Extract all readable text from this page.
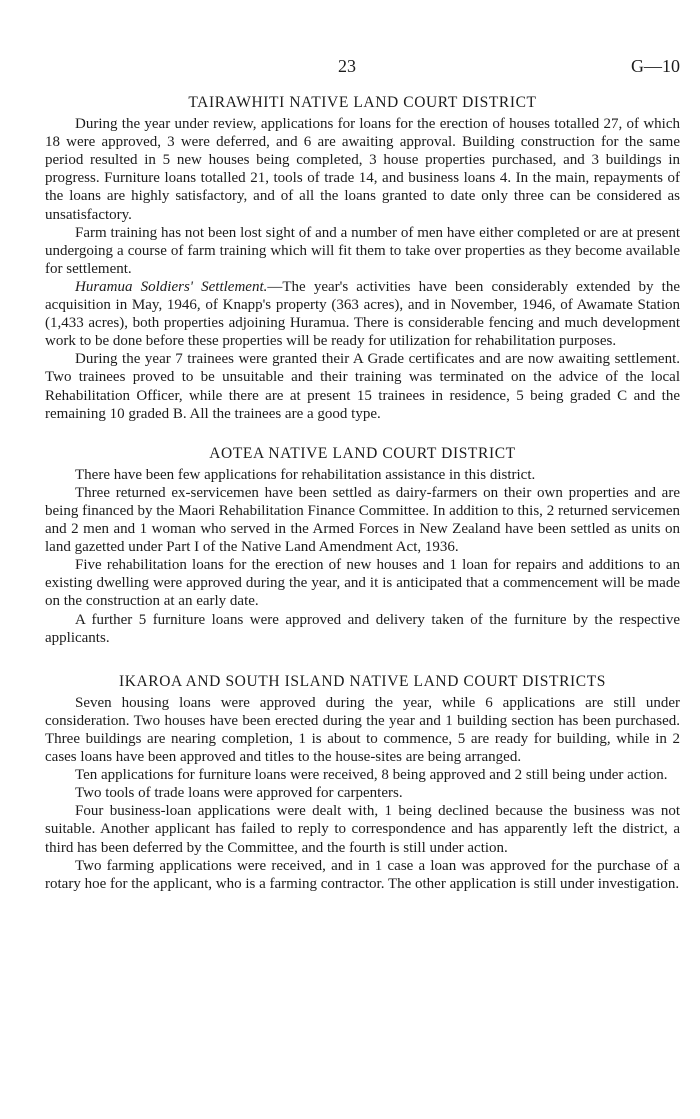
23	G—10
TAIRAWHITI NATIVE LAND COURT DISTRICT

During the year under review, applications for loans for the erection of houses totalled 27, of which 18 were approved, 3 were deferred, and 6 are awaiting approval. Building construction for the same period resulted in 5 new houses being completed, 3 house properties purchased, and 3 buildings in progress. Furniture loans totalled 21, tools of trade 14, and business loans 4. In the main, repayments of the loans are highly satisfactory, and of all the loans granted to date only three can be considered as unsatisfactory.

Farm training has not been lost sight of and a number of men have either completed or are at present undergoing a course of farm training which will fit them to take over properties as they become available for settlement.

Huramua Soldiers' Settlement.—The year's activities have been considerably extended by the acquisition in May, 1946, of Knapp's property (363 acres), and in November, 1946, of Awamate Station (1,433 acres), both properties adjoining Huramua. There is considerable fencing and much development work to be done before these properties will be ready for utilization for rehabilitation purposes.

During the year 7 trainees were granted their A Grade certificates and are now awaiting settlement. Two trainees proved to be unsuitable and their training was terminated on the advice of the local Rehabilitation Officer, while there are at present 15 trainees in residence, 5 being graded C and the remaining 10 graded B. All the trainees are a good type.

AOTEA NATIVE LAND COURT DISTRICT

There have been few applications for rehabilitation assistance in this district.

Three returned ex-servicemen have been settled as dairy-farmers on their own properties and are being financed by the Maori Rehabilitation Finance Committee. In addition to this, 2 returned servicemen and 2 men and 1 woman who served in the Armed Forces in New Zealand have been settled as units on land gazetted under Part I of the Native Land Amendment Act, 1936.

Five rehabilitation loans for the erection of new houses and 1 loan for repairs and additions to an existing dwelling were approved during the year, and it is anticipated that a commencement will be made on the construction at an early date.

A further 5 furniture loans were approved and delivery taken of the furniture by the respective applicants.

IKAROA AND SOUTH ISLAND NATIVE LAND COURT DISTRICTS

Seven housing loans were approved during the year, while 6 applications are still under consideration. Two houses have been erected during the year and 1 building section has been purchased. Three buildings are nearing completion, 1 is about to commence, 5 are ready for building, while in 2 cases loans have been approved and titles to the house-sites are being arranged.

Ten applications for furniture loans were received, 8 being approved and 2 still being under action.

Two tools of trade loans were approved for carpenters.

Four business-loan applications were dealt with, 1 being declined because the business was not suitable. Another applicant has failed to reply to correspondence and has apparently left the district, a third has been deferred by the Committee, and the fourth is still under action.

Two farming applications were received, and in 1 case a loan was approved for the purchase of a rotary hoe for the applicant, who is a farming contractor. The other application is still under investigation.
